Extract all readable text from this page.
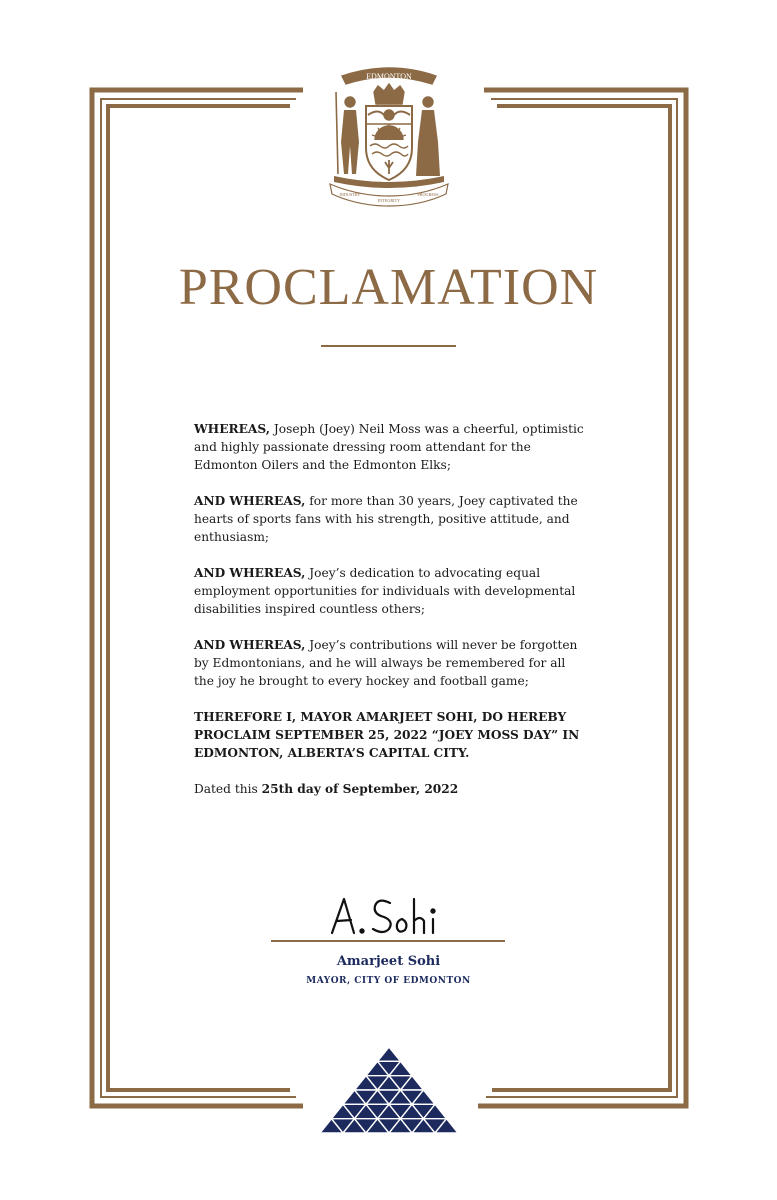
EDMONTON
INDUSTRY
INTEGRITY
PROGRESS
PROCLAMATION

WHEREAS, Joseph (Joey) Neil Moss was a cheerful, optimistic and highly passionate dressing room attendant for the Edmonton Oilers and the Edmonton Elks;

AND WHEREAS, for more than 30 years, Joey captivated the hearts of sports fans with his strength, positive attitude, and enthusiasm;

AND WHEREAS, Joey’s dedication to advocating equal employment opportunities for individuals with developmental disabilities inspired countless others;

AND WHEREAS, Joey’s contributions will never be forgotten by Edmontonians, and he will always be remembered for all the joy he brought to every hockey and football game;

THEREFORE I, MAYOR AMARJEET SOHI, DO HEREBY PROCLAIM SEPTEMBER 25, 2022 “JOEY MOSS DAY” IN EDMONTON, ALBERTA’S CAPITAL CITY.

Dated this 25th day of September, 2022

Amarjeet Sohi
MAYOR, CITY OF EDMONTON
